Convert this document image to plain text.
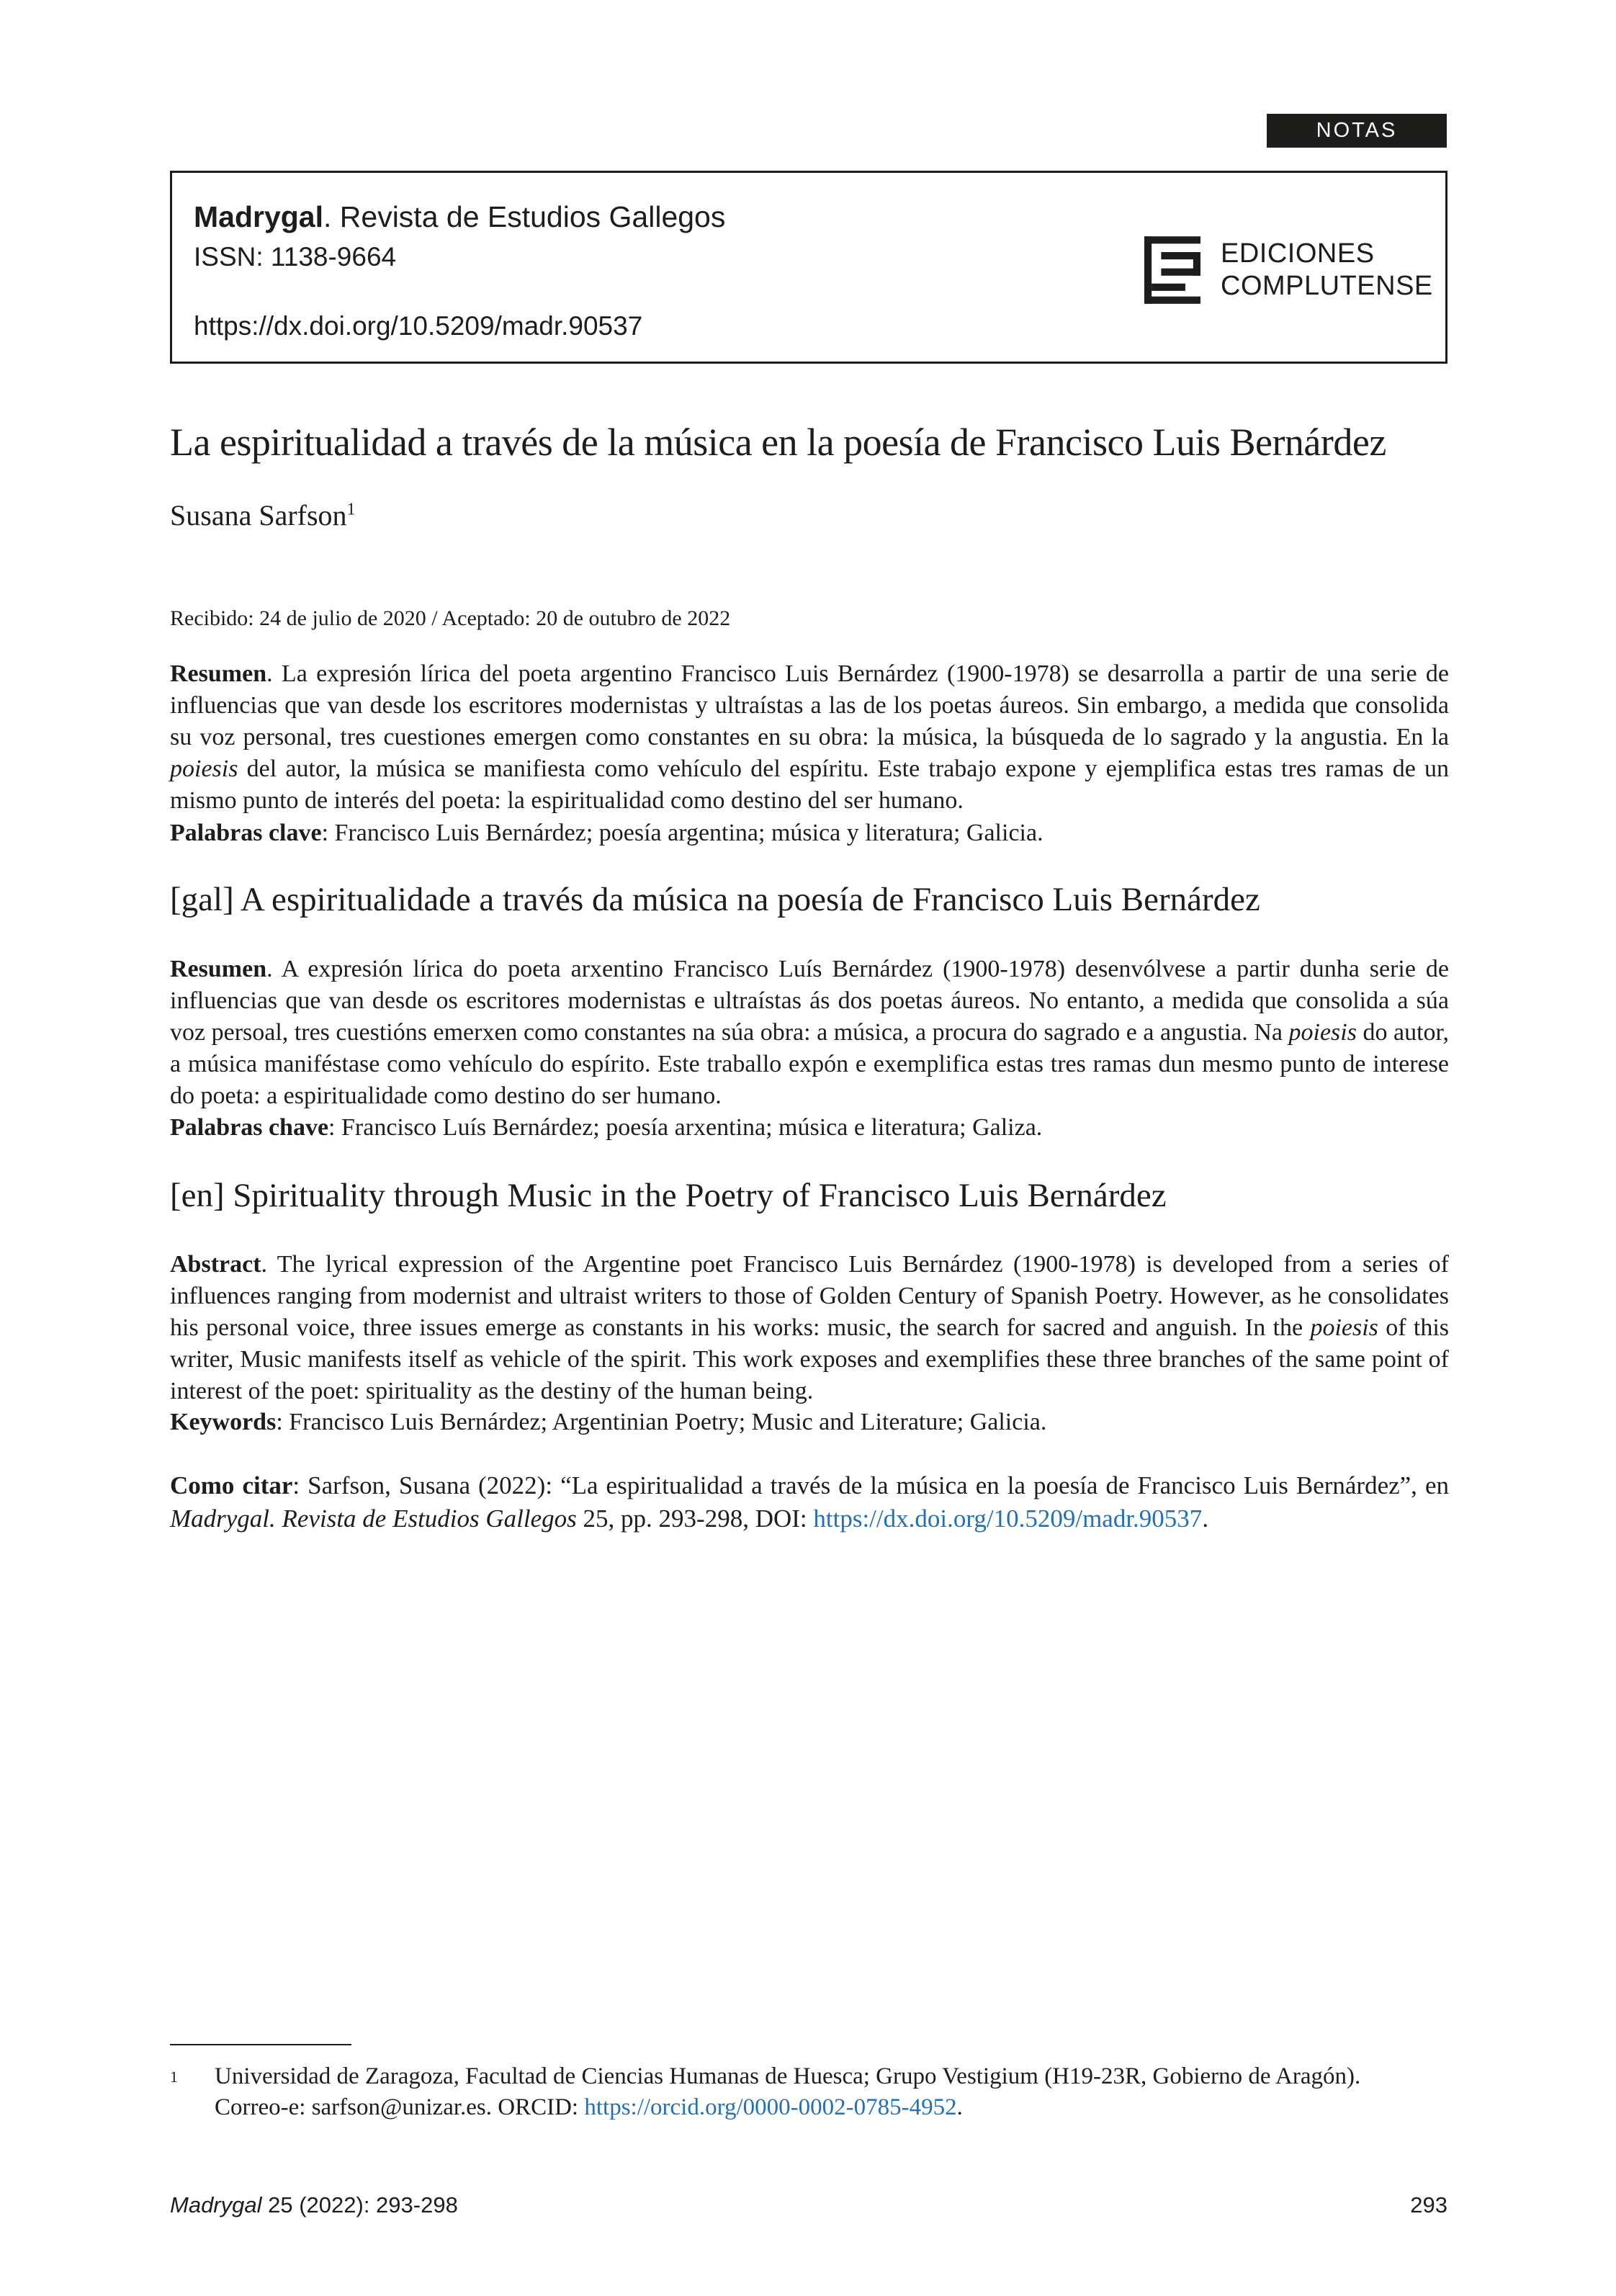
NOTAS
Madrygal. Revista de Estudios Gallegos
ISSN: 1138-9664
https://dx.doi.org/10.5209/madr.90537
EDICIONES
COMPLUTENSE
La espiritualidad a través de la música en la poesía de Francisco Luis Bernárdez
Susana Sarfson$^1$
Recibido: 24 de julio de 2020 / Aceptado: 20 de outubro de 2022

Resumen. La expresión lírica del poeta argentino Francisco Luis Bernárdez (1900-1978) se desarrolla a partir de una serie de influencias que van desde los escritores modernistas y ultraístas a las de los poetas áureos. Sin embargo, a medida que consolida su voz personal, tres cuestiones emergen como constantes en su obra: la música, la búsqueda de lo sagrado y la angustia. En la poiesis del autor, la música se manifiesta como vehículo del espíritu. Este trabajo expone y ejemplifica estas tres ramas de un mismo punto de interés del poeta: la espiritualidad como destino del ser humano.

Palabras clave: Francisco Luis Bernárdez; poesía argentina; música y literatura; Galicia.

[gal] A espiritualidade a través da música na poesía de Francisco Luis Bernárdez

Resumen. A expresión lírica do poeta arxentino Francisco Luís Bernárdez (1900-1978) desenvólvese a partir dunha serie de influencias que van desde os escritores modernistas e ultraístas ás dos poetas áureos. No entanto, a medida que consolida a súa voz persoal, tres cuestións emerxen como constantes na súa obra: a música, a procura do sagrado e a angustia. Na poiesis do autor, a música maniféstase como vehículo do espírito. Este traballo expón e exemplifica estas tres ramas dun mesmo punto de interese do poeta: a espiritualidade como destino do ser humano.

Palabras chave: Francisco Luís Bernárdez; poesía arxentina; música e literatura; Galiza.

[en] Spirituality through Music in the Poetry of Francisco Luis Bernárdez

Abstract. The lyrical expression of the Argentine poet Francisco Luis Bernárdez (1900-1978) is developed from a series of influences ranging from modernist and ultraist writers to those of Golden Century of Spanish Poetry. However, as he consolidates his personal voice, three issues emerge as constants in his works: music, the search for sacred and anguish. In the poiesis of this writer, Music manifests itself as vehicle of the spirit. This work exposes and exemplifies these three branches of the same point of interest of the poet: spirituality as the destiny of the human being.

Keywords: Francisco Luis Bernárdez; Argentinian Poetry; Music and Literature; Galicia.

Como citar: Sarfson, Susana (2022): “La espiritualidad a través de la música en la poesía de Francisco Luis Bernárdez”, en Madrygal. Revista de Estudios Gallegos 25, pp. 293-298, DOI: https://dx.doi.org/10.5209/madr.90537.

1	Universidad de Zaragoza, Facultad de Ciencias Humanas de Huesca; Grupo Vestigium (H19-23R, Gobierno de Aragón).
Correo-e: sarfson@unizar.es. ORCID: https://orcid.org/0000-0002-0785-4952.
Madrygal 25 (2022): 293-298	293
